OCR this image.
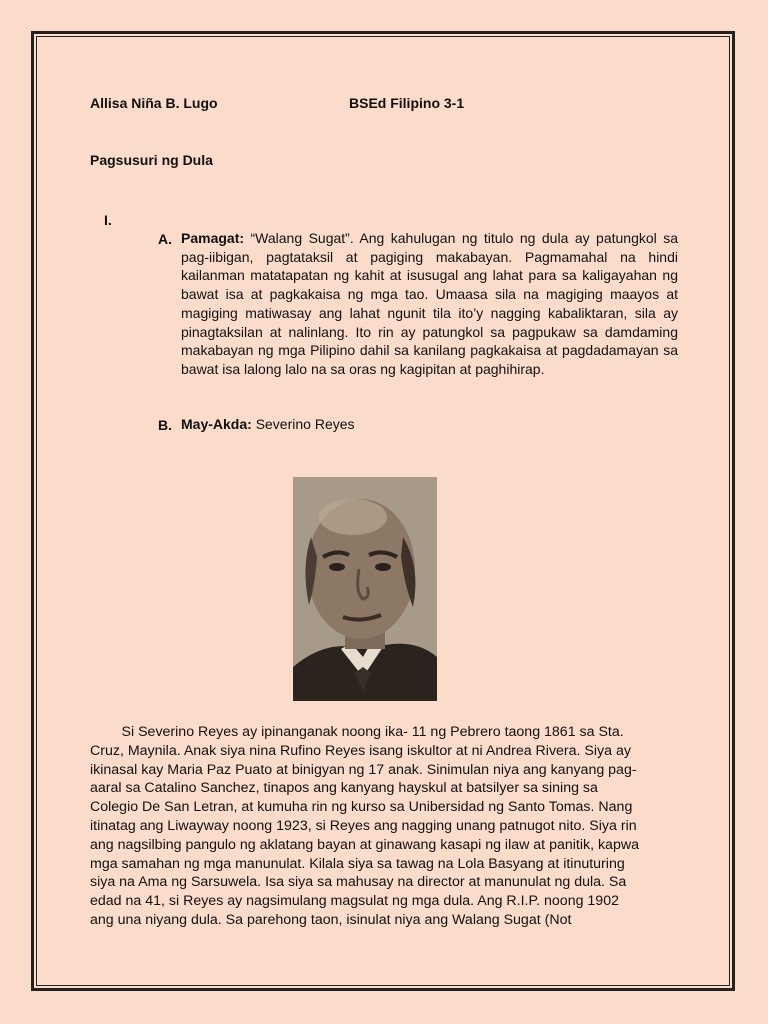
Allisa Niña B. Lugo	BSEd Filipino 3-1
Pagsusuri ng Dula
I.
A. Pamagat: “Walang Sugat”. Ang kahulugan ng titulo ng dula ay patungkol sa pag-iibigan, pagtataksil at pagiging makabayan. Pagmamahal na hindi kailanman matatapatan ng kahit at isusugal ang lahat para sa kaligayahan ng bawat isa at pagkakaisa ng mga tao. Umaasa sila na magiging maayos at magiging matiwasay ang lahat ngunit tila ito’y nagging kabaliktaran, sila ay pinagtaksilan at nalinlang. Ito rin ay patungkol sa pagpukaw sa damdaming makabayan ng mga Pilipino dahil sa kanilang pagkakaisa at pagdadamayan sa bawat isa lalong lalo na sa oras ng kagipitan at paghihirap.
B. May-Akda: Severino Reyes
Si Severino Reyes ay ipinanganak noong ika- 11 ng Pebrero taong 1861 sa Sta.
Cruz, Maynila. Anak siya nina Rufino Reyes isang iskultor at ni Andrea Rivera. Siya ay
ikinasal kay Maria Paz Puato at binigyan ng 17 anak. Sinimulan niya ang kanyang pag-
aaral sa Catalino Sanchez, tinapos ang kanyang hayskul at batsilyer sa sining sa
Colegio De San Letran, at kumuha rin ng kurso sa Unibersidad ng Santo Tomas. Nang
itinatag ang Liwayway noong 1923, si Reyes ang nagging unang patnugot nito. Siya rin
ang nagsilbing pangulo ng aklatang bayan at ginawang kasapi ng ilaw at panitik, kapwa
mga samahan ng mga manunulat. Kilala siya sa tawag na Lola Basyang at itinuturing
siya na Ama ng Sarsuwela. Isa siya sa mahusay na director at manunulat ng dula. Sa
edad na 41, si Reyes ay nagsimulang magsulat ng mga dula. Ang R.I.P. noong 1902
ang una niyang dula. Sa parehong taon, isinulat niya ang Walang Sugat (Not
